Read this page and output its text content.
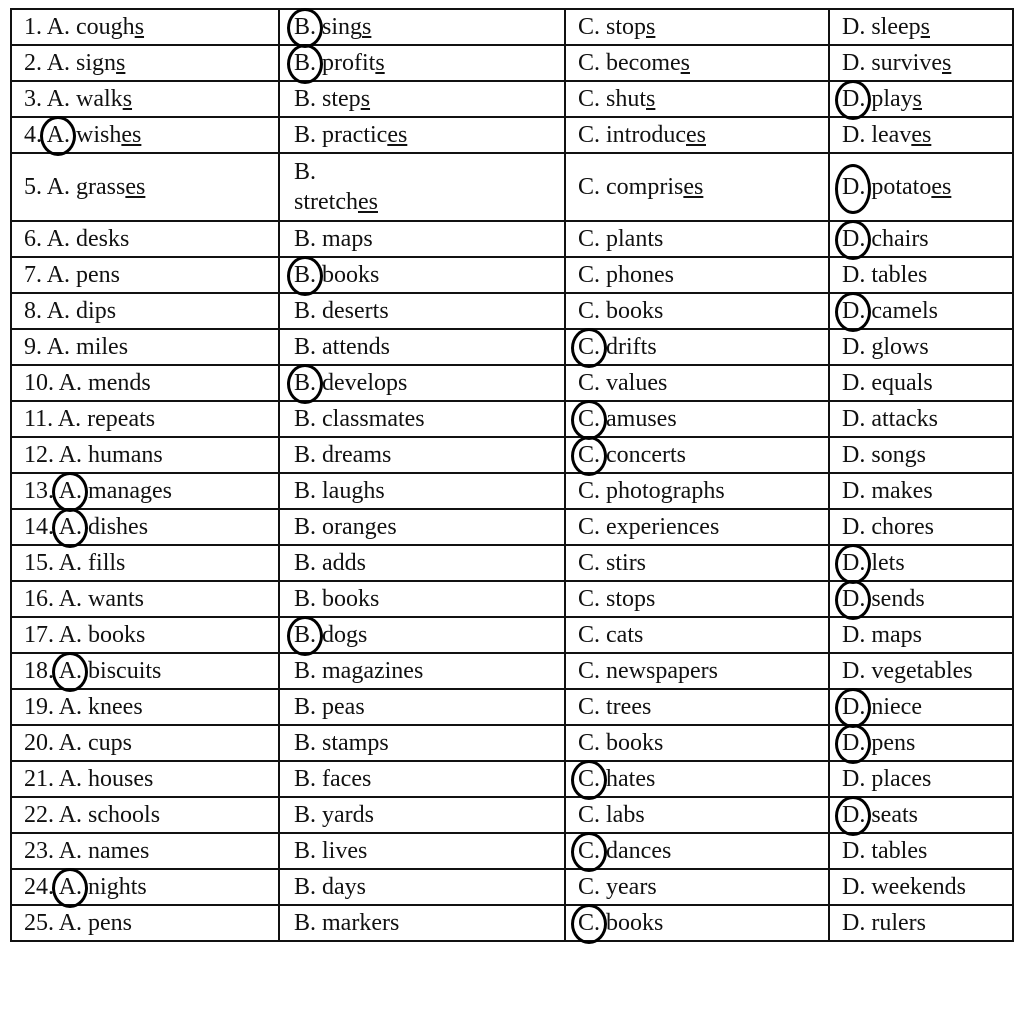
1. A. coughs	B. sings	C. stops	D. sleeps
2. A. signs	B. profits	C. becomes	D. survives
3. A. walks	B. steps	C. shuts	D. plays
4. A. wishes	B. practices	C. introduces	D. leaves
5. A. grasses	B.
stretches	C. comprises	D. potatoes
6. A. desks	B. maps	C. plants	D. chairs
7. A. pens	B. books	C. phones	D. tables
8. A. dips	B. deserts	C. books	D. camels
9. A. miles	B. attends	C. drifts	D. glows
10. A. mends	B. develops	C. values	D. equals
11. A. repeats	B. classmates	C. amuses	D. attacks
12. A. humans	B. dreams	C. concerts	D. songs
13. A. manages	B. laughs	C. photographs	D. makes
14. A. dishes	B. oranges	C. experiences	D. chores
15. A. fills	B. adds	C. stirs	D. lets
16. A. wants	B. books	C. stops	D. sends
17. A. books	B. dogs	C. cats	D. maps
18. A. biscuits	B. magazines	C. newspapers	D. vegetables
19. A. knees	B. peas	C. trees	D. niece
20. A. cups	B. stamps	C. books	D. pens
21. A. houses	B. faces	C. hates	D. places
22. A. schools	B. yards	C. labs	D. seats
23. A. names	B. lives	C. dances	D. tables
24. A. nights	B. days	C. years	D. weekends
25. A. pens	B. markers	C. books	D. rulers
